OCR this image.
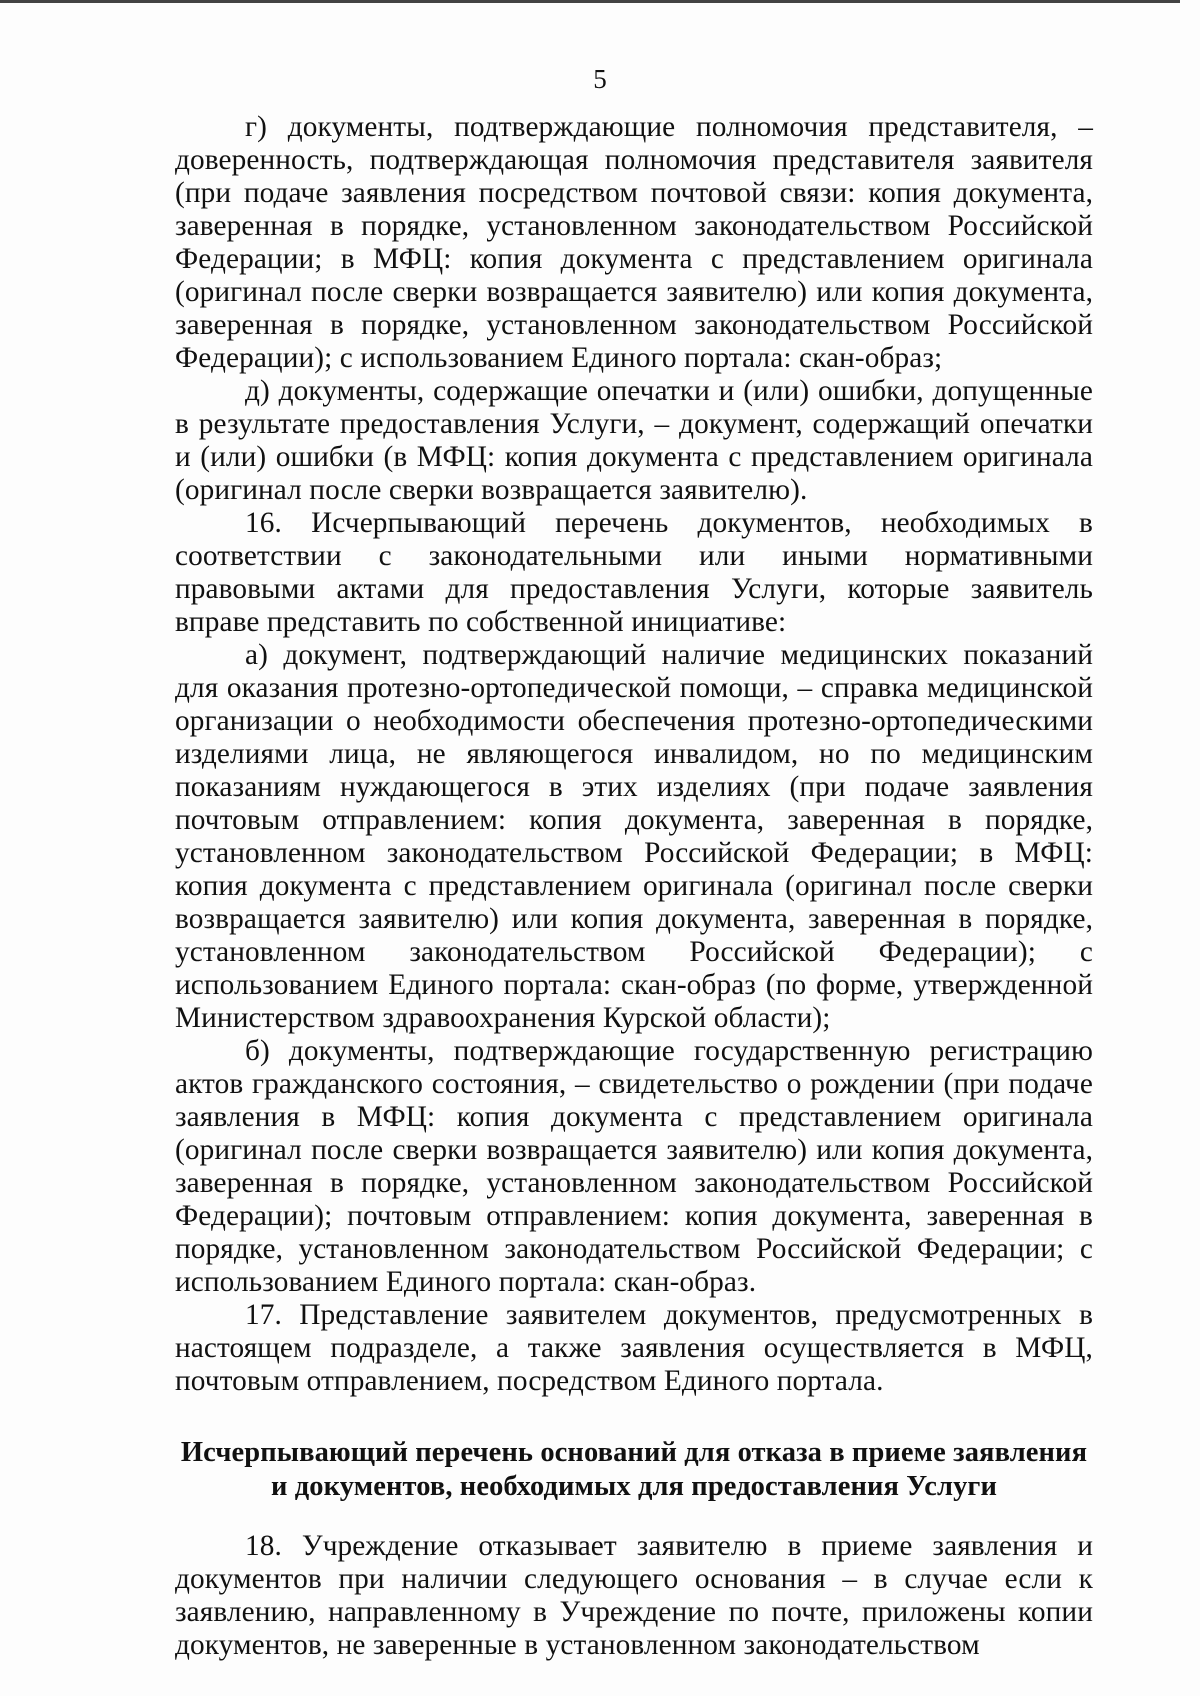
5

г) документы, подтверждающие полномочия представителя, – доверенность, подтверждающая полномочия представителя заявителя (при подаче заявления посредством почтовой связи: копия документа, заверенная в порядке, установленном законодательством Российской Федерации; в МФЦ: копия документа с представлением оригинала (оригинал после сверки возвращается заявителю) или копия документа, заверенная в порядке, установленном законодательством Российской Федерации); с использованием Единого портала: скан-образ;

д) документы, содержащие опечатки и (или) ошибки, допущенные в результате предоставления Услуги, – документ, содержащий опечатки и (или) ошибки (в МФЦ: копия документа с представлением оригинала (оригинал после сверки возвращается заявителю).

16. Исчерпывающий перечень документов, необходимых в соответствии с законодательными или иными нормативными правовыми актами для предоставления Услуги, которые заявитель вправе представить по собственной инициативе:

а) документ, подтверждающий наличие медицинских показаний для оказания протезно-ортопедической помощи, – справка медицинской организации о необходимости обеспечения протезно-ортопедическими изделиями лица, не являющегося инвалидом, но по медицинским показаниям нуждающегося в этих изделиях (при подаче заявления почтовым отправлением: копия документа, заверенная в порядке, установленном законодательством Российской Федерации; в МФЦ: копия документа с представлением оригинала (оригинал после сверки возвращается заявителю) или копия документа, заверенная в порядке, установленном законодательством Российской Федерации); с использованием Единого портала: скан-образ (по форме, утвержденной Министерством здравоохранения Курской области);

б) документы, подтверждающие государственную регистрацию актов гражданского состояния, – свидетельство о рождении (при подаче заявления в МФЦ: копия документа с представлением оригинала (оригинал после сверки возвращается заявителю) или копия документа, заверенная в порядке, установленном законодательством Российской Федерации); почтовым отправлением: копия документа, заверенная в порядке, установленном законодательством Российской Федерации; с использованием Единого портала: скан-образ.

17. Представление заявителем документов, предусмотренных в настоящем подразделе, а также заявления осуществляется в МФЦ, почтовым отправлением, посредством Единого портала.

Исчерпывающий перечень оснований для отказа в приеме заявления
и документов, необходимых для предоставления Услуги

18. Учреждение отказывает заявителю в приеме заявления и документов при наличии следующего основания – в случае если к заявлению, направленному в Учреждение по почте, приложены копии документов, не заверенные в установленном законодательством
